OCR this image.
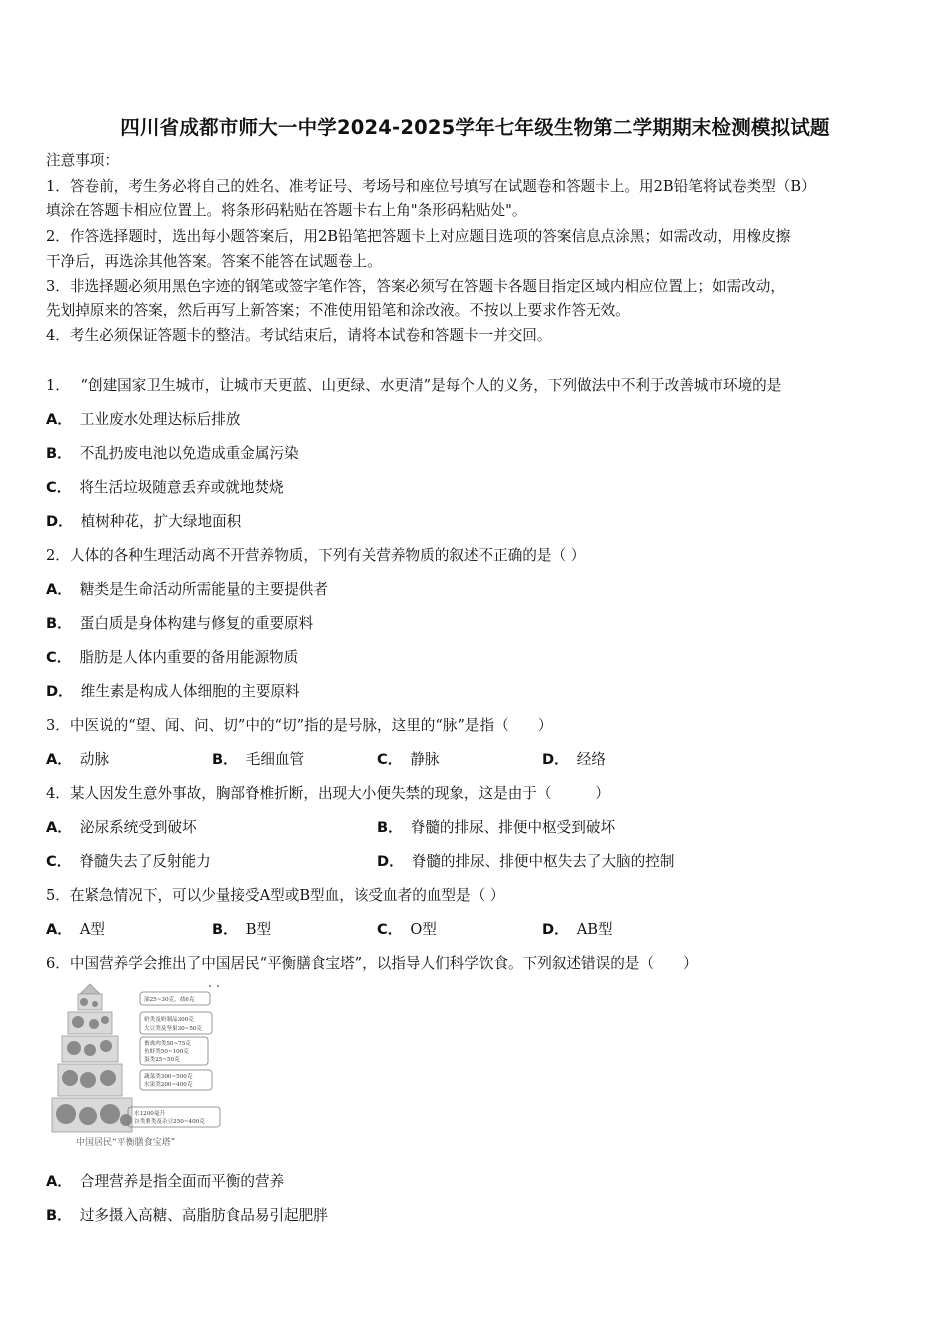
四川省成都市师大一中学2024-2025学年七年级生物第二学期期末检测模拟试题
注意事项：
1．答卷前，考生务必将自己的姓名、准考证号、考场号和座位号填写在试题卷和答题卡上。用2B铅笔将试卷类型（B）
填涂在答题卡相应位置上。将条形码粘贴在答题卡右上角"条形码粘贴处"。
2．作答选择题时，选出每小题答案后，用2B铅笔把答题卡上对应题目选项的答案信息点涂黑；如需改动，用橡皮擦
干净后，再选涂其他答案。答案不能答在试题卷上。
3．非选择题必须用黑色字迹的钢笔或签字笔作答，答案必须写在答题卡各题目指定区域内相应位置上；如需改动，
先划掉原来的答案，然后再写上新答案；不准使用铅笔和涂改液。不按以上要求作答无效。
4．考生必须保证答题卡的整洁。考试结束后，请将本试卷和答题卡一并交回。
1． “创建国家卫生城市，让城市天更蓝、山更绿、水更清”是每个人的义务，下列做法中不利于改善城市环境的是
A． 工业废水处理达标后排放
B． 不乱扔废电池以免造成重金属污染
C． 将生活垃圾随意丢弃或就地焚烧
D． 植树种花，扩大绿地面积
2．人体的各种生理活动离不开营养物质，下列有关营养物质的叙述不正确的是（ ）
A． 糖类是生命活动所需能量的主要提供者
B． 蛋白质是身体构建与修复的重要原料
C． 脂肪是人体内重要的备用能源物质
D． 维生素是构成人体细胞的主要原料
3．中医说的“望、闻、问、切”中的“切”指的是号脉，这里的“脉”是指（　　）
A． 动脉	B． 毛细血管	C． 静脉	D． 经络
4．某人因发生意外事故，胸部脊椎折断，出现大小便失禁的现象，这是由于（　　　）
A． 泌尿系统受到破坏	B． 脊髓的排尿、排便中枢受到破坏
C． 脊髓失去了反射能力	D． 脊髓的排尿、排便中枢失去了大脑的控制
5．在紧急情况下，可以少量接受A型或B型血，该受血者的血型是（ ）
A． A型	B． B型	C． O型	D． AB型
6．中国营养学会推出了中国居民“平衡膳食宝塔”，以指导人们科学饮食。下列叙述错误的是（　　）
油25~30克，盐6克
奶类及奶制品300克
大豆类及坚果30~50克
畜禽肉类50~75克
鱼虾类50~100克
蛋类25~50克
蔬菜类300~500克
水果类200~400克
水1200毫升
谷类薯类及杂豆250~400克
中国居民“平衡膳食宝塔”
A． 合理营养是指全面而平衡的营养
B． 过多摄入高糖、高脂肪食品易引起肥胖
